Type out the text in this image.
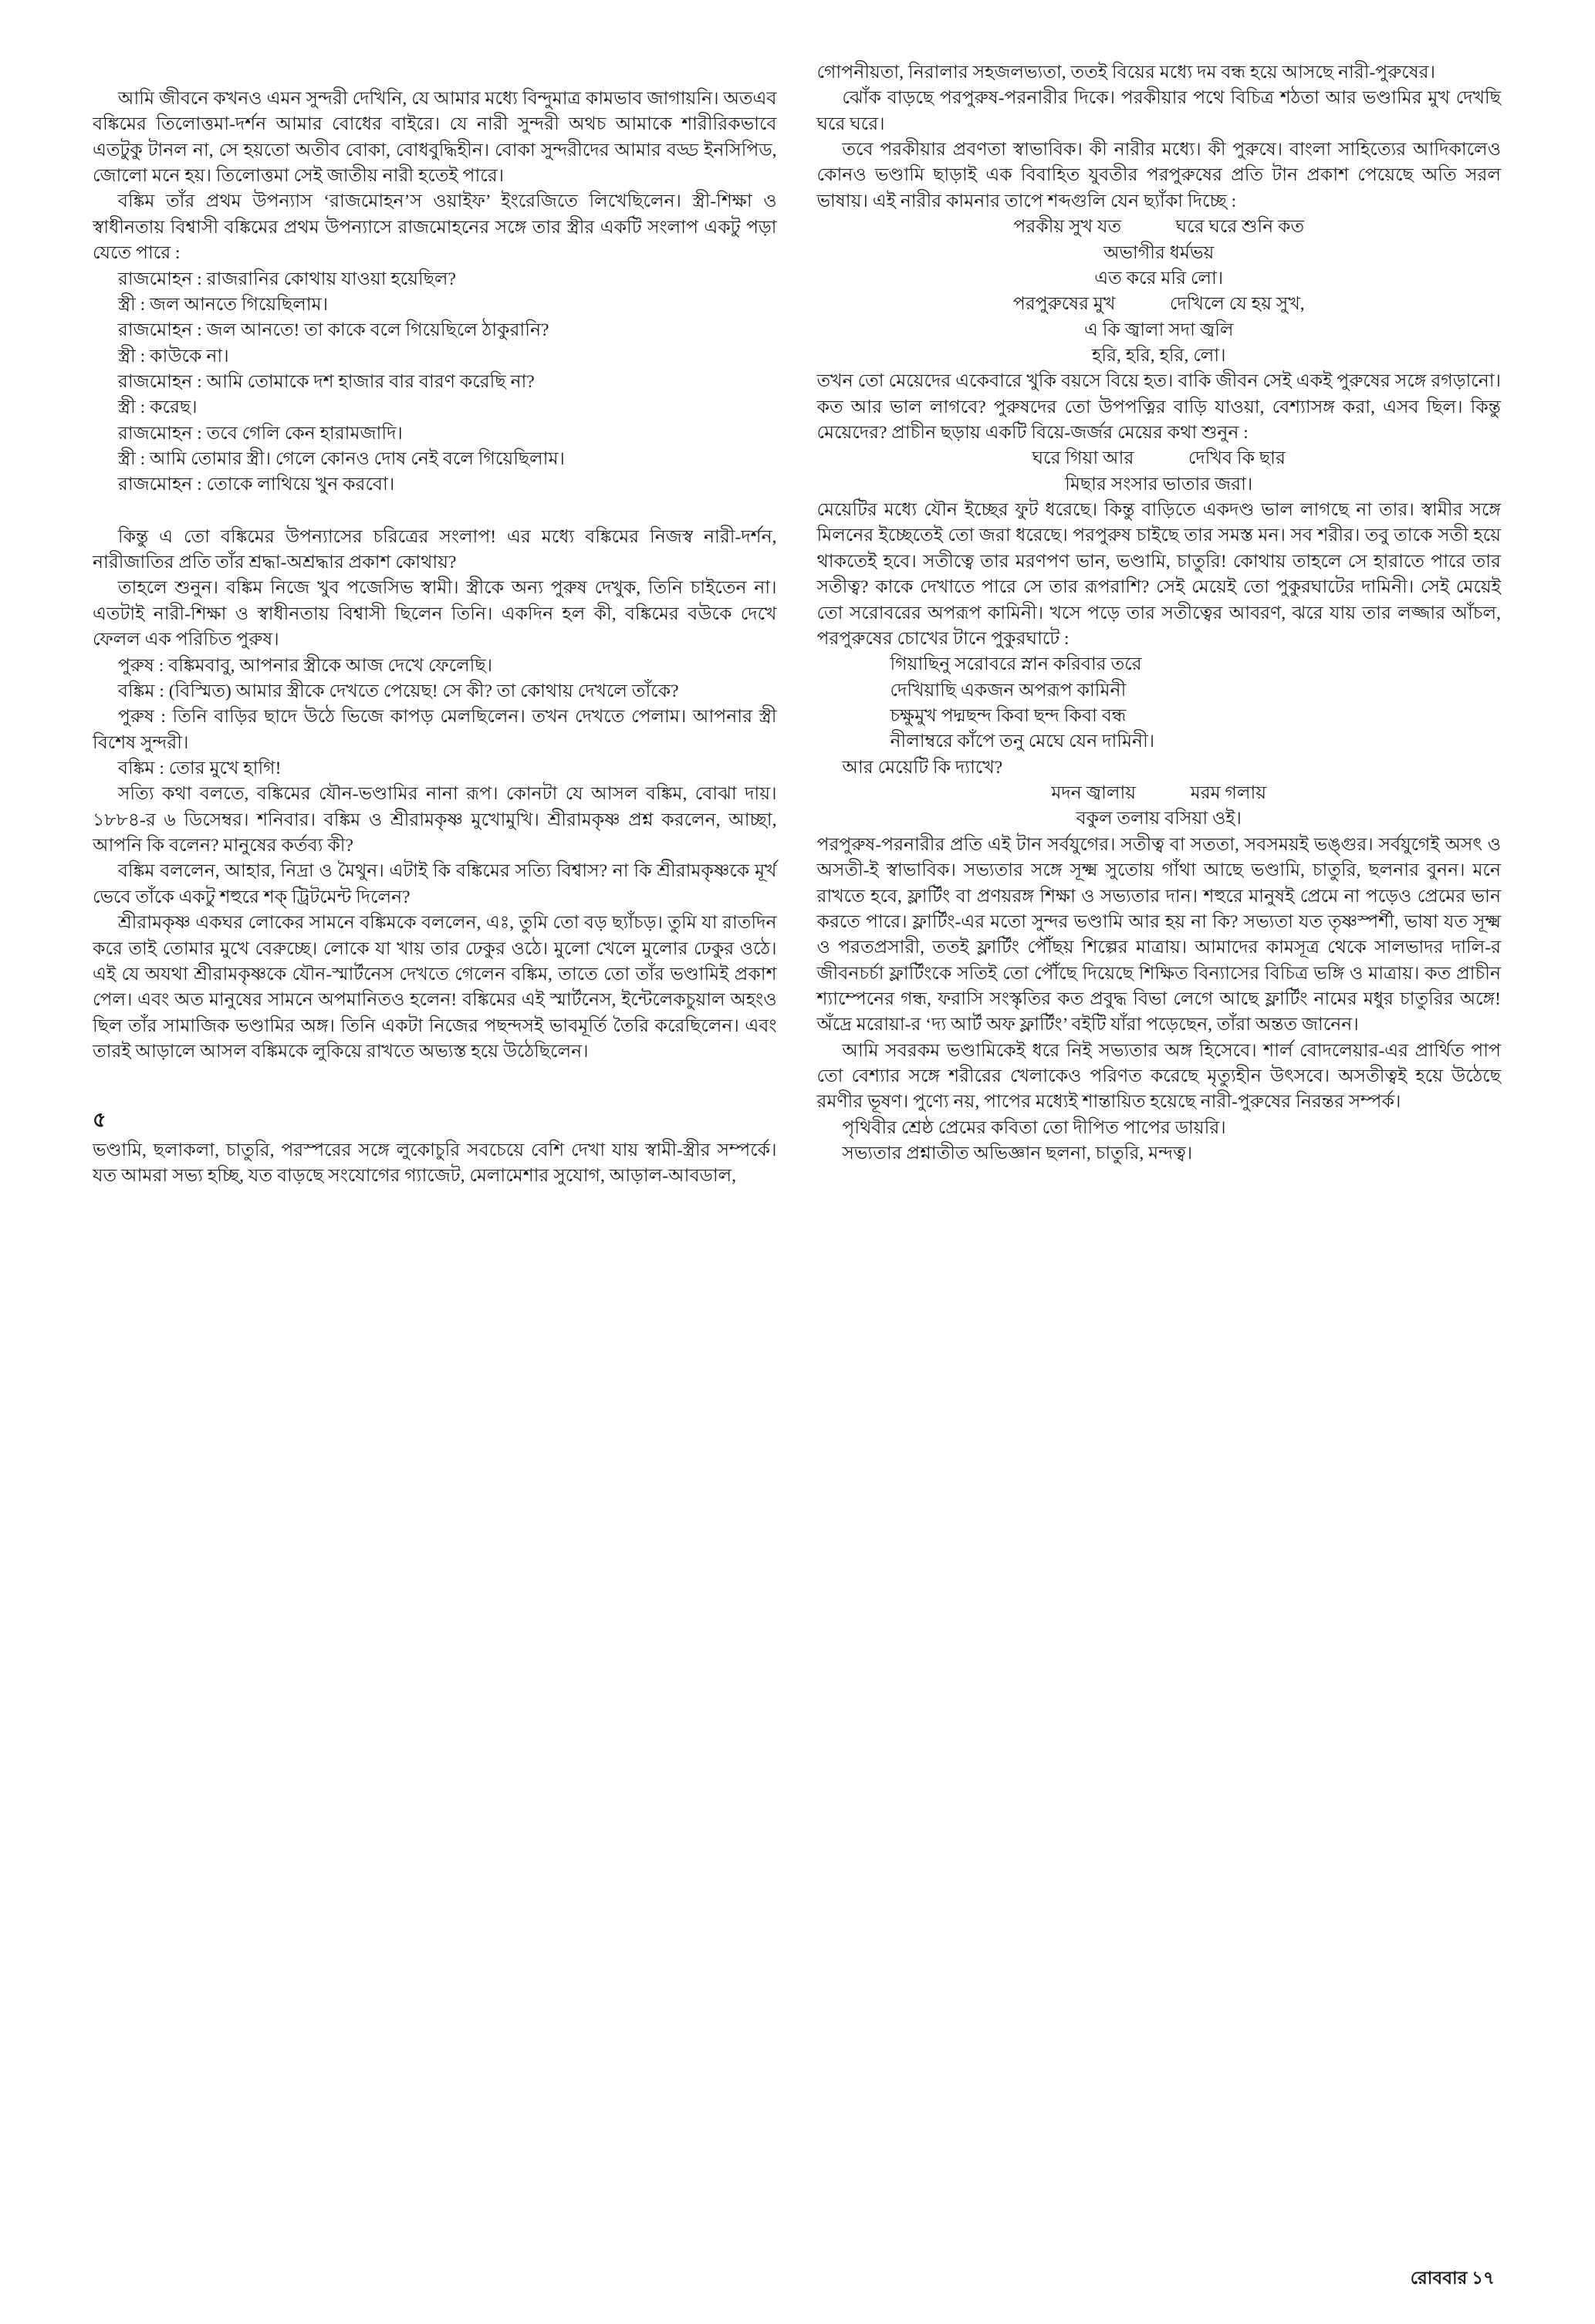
আমি জীবনে কখনও এমন সুন্দরী দেখিনি, যে আমার মধ্যে বিন্দুমাত্র কামভাব জাগায়নি। অতএব বঙ্কিমের তিলোত্তমা-দর্শন আমার বোধের বাইরে। যে নারী সুন্দরী অথচ আমাকে শারীরিকভাবে এতটুকু টানল না, সে হয়তো অতীব বোকা, বোধবুদ্ধিহীন। বোকা সুন্দরীদের আমার বড্ড ইনসিপিড, জোলো মনে হয়। তিলোত্তমা সেই জাতীয় নারী হতেই পারে।

বঙ্কিম তাঁর প্রথম উপন্যাস ‘রাজমোহন’স ওয়াইফ’ ইংরেজিতে লিখেছিলেন। স্ত্রী-শিক্ষা ও স্বাধীনতায় বিশ্বাসী বঙ্কিমের প্রথম উপন্যাসে রাজমোহনের সঙ্গে তার স্ত্রীর একটি সংলাপ একটু পড়া যেতে পারে :

রাজমোহন : রাজরানির কোথায় যাওয়া হয়েছিল?

স্ত্রী : জল আনতে গিয়েছিলাম।

রাজমোহন : জল আনতে! তা কাকে বলে গিয়েছিলে ঠাকুরানি?

স্ত্রী : কাউকে না।

রাজমোহন : আমি তোমাকে দশ হাজার বার বারণ করেছি না?

স্ত্রী : করেছ।

রাজমোহন : তবে গেলি কেন হারামজাদি।

স্ত্রী : আমি তোমার স্ত্রী। গেলে কোনও দোষ নেই বলে গিয়েছিলাম।

রাজমোহন : তোকে লাথিয়ে খুন করবো।

কিন্তু এ তো বঙ্কিমের উপন্যাসের চরিত্রের সংলাপ! এর মধ্যে বঙ্কিমের নিজস্ব নারী-দর্শন, নারীজাতির প্রতি তাঁর শ্রদ্ধা-অশ্রদ্ধার প্রকাশ কোথায়?

তাহলে শুনুন। বঙ্কিম নিজে খুব পজেসিভ স্বামী। স্ত্রীকে অন্য পুরুষ দেখুক, তিনি চাইতেন না। এতটাই নারী-শিক্ষা ও স্বাধীনতায় বিশ্বাসী ছিলেন তিনি। একদিন হল কী, বঙ্কিমের বউকে দেখে ফেলল এক পরিচিত পুরুষ।

পুরুষ : বঙ্কিমবাবু, আপনার স্ত্রীকে আজ দেখে ফেলেছি।

বঙ্কিম : (বিস্মিত) আমার স্ত্রীকে দেখতে পেয়েছ! সে কী? তা কোথায় দেখলে তাঁকে?

পুরুষ : তিনি বাড়ির ছাদে উঠে ভিজে কাপড় মেলছিলেন। তখন দেখতে পেলাম। আপনার স্ত্রী বিশেষ সুন্দরী।

বঙ্কিম : তোর মুখে হাগি!

সত্যি কথা বলতে, বঙ্কিমের যৌন-ভণ্ডামির নানা রূপ। কোনটা যে আসল বঙ্কিম, বোঝা দায়। ১৮৮৪-র ৬ ডিসেম্বর। শনিবার। বঙ্কিম ও শ্রীরামকৃষ্ণ মুখোমুখি। শ্রীরামকৃষ্ণ প্রশ্ন করলেন, আচ্ছা, আপনি কি বলেন? মানুষের কর্তব্য কী?

বঙ্কিম বললেন, আহার, নিদ্রা ও মৈথুন। এটাই কি বঙ্কিমের সত্যি বিশ্বাস? না কি শ্রীরামকৃষ্ণকে মূর্খ ভেবে তাঁকে একটু শহুরে শক্ ট্রিটমেন্ট দিলেন?

শ্রীরামকৃষ্ণ একঘর লোকের সামনে বঙ্কিমকে বললেন, এঃ, তুমি তো বড় ছ্যাঁচড়। তুমি যা রাতদিন করে তাই তোমার মুখে বেরুচ্ছে। লোকে যা খায় তার ঢেকুর ওঠে। মুলো খেলে মুলোর ঢেকুর ওঠে। এই যে অযথা শ্রীরামকৃষ্ণকে যৌন-স্মার্টনেস দেখতে গেলেন বঙ্কিম, তাতে তো তাঁর ভণ্ডামিই প্রকাশ পেল। এবং অত মানুষের সামনে অপমানিতও হলেন! বঙ্কিমের এই স্মার্টনেস, ইন্টেলেকচুয়াল অহংও ছিল তাঁর সামাজিক ভণ্ডামির অঙ্গ। তিনি একটা নিজের পছন্দসই ভাবমূর্তি তৈরি করেছিলেন। এবং তারই আড়ালে আসল বঙ্কিমকে লুকিয়ে রাখতে অভ্যস্ত হয়ে উঠেছিলেন।

৫

ভণ্ডামি, ছলাকলা, চাতুরি, পরস্পরের সঙ্গে লুকোচুরি সবচেয়ে বেশি দেখা যায় স্বামী-স্ত্রীর সম্পর্কে। যত আমরা সভ্য হচ্ছি, যত বাড়ছে সংযোগের গ্যাজেট, মেলামেশার সুযোগ, আড়াল-আবডাল,

গোপনীয়তা, নিরালার সহজলভ্যতা, ততই বিয়ের মধ্যে দম বন্ধ হয়ে আসছে নারী-পুরুষের।

ঝোঁক বাড়ছে পরপুরুষ-পরনারীর দিকে। পরকীয়ার পথে বিচিত্র শঠতা আর ভণ্ডামির মুখ দেখছি ঘরে ঘরে।

তবে পরকীয়ার প্রবণতা স্বাভাবিক। কী নারীর মধ্যে। কী পুরুষে। বাংলা সাহিত্যের আদিকালেও কোনও ভণ্ডামি ছাড়াই এক বিবাহিত যুবতীর পরপুরুষের প্রতি টান প্রকাশ পেয়েছে অতি সরল ভাষায়। এই নারীর কামনার তাপে শব্দগুলি যেন ছ্যাঁকা দিচ্ছে :

পরকীয় সুখ যত   ঘরে ঘরে শুনি কত
অভাগীর ধর্মভয়
এত করে মরি লো।
পরপুরুষের মুখ   দেখিলে যে হয় সুখ,
এ কি জ্বালা সদা জ্বলি
হরি, হরি, হরি, লো।

তখন তো মেয়েদের একেবারে খুকি বয়সে বিয়ে হত। বাকি জীবন সেই একই পুরুষের সঙ্গে রগড়ানো। কত আর ভাল লাগবে? পুরুষদের তো উপপত্নির বাড়ি যাওয়া, বেশ্যাসঙ্গ করা, এসব ছিল। কিন্তু মেয়েদের? প্রাচীন ছড়ায় একটি বিয়ে-জর্জর মেয়ের কথা শুনুন :

ঘরে গিয়া আর   দেখিব কি ছার
মিছার সংসার ভাতার জরা।

মেয়েটির মধ্যে যৌন ইচ্ছের ফুট ধরেছে। কিন্তু বাড়িতে একদণ্ড ভাল লাগছে না তার। স্বামীর সঙ্গে মিলনের ইচ্ছেতেই তো জরা ধরেছে। পরপুরুষ চাইছে তার সমস্ত মন। সব শরীর। তবু তাকে সতী হয়ে থাকতেই হবে। সতীত্বে তার মরণপণ ভান, ভণ্ডামি, চাতুরি! কোথায় তাহলে সে হারাতে পারে তার সতীত্ব? কাকে দেখাতে পারে সে তার রূপরাশি? সেই মেয়েই তো পুকুরঘাটের দামিনী। সেই মেয়েই তো সরোবরের অপরূপ কামিনী। খসে পড়ে তার সতীত্বের আবরণ, ঝরে যায় তার লজ্জার আঁচল, পরপুরুষের চোখের টানে পুকুরঘাটে :

গিয়াছিনু সরোবরে স্নান করিবার তরে
দেখিয়াছি একজন অপরূপ কামিনী
চক্ষুমুখ পদ্মছন্দ কিবা ছন্দ কিবা বন্ধ
নীলাম্বরে কাঁপে তনু মেঘে যেন দামিনী।

আর মেয়েটি কি দ্যাখে?

মদন জ্বালায়   মরম গলায়
বকুল তলায় বসিয়া ওই।

পরপুরুষ-পরনারীর প্রতি এই টান সর্বযুগের। সতীত্ব বা সততা, সবসময়ই ভঙ্গুর। সর্বযুগেই অসৎ ও অসতী-ই স্বাভাবিক। সভ্যতার সঙ্গে সূক্ষ্ম সুতোয় গাঁথা আছে ভণ্ডামি, চাতুরি, ছলনার বুনন। মনে রাখতে হবে, ফ্লার্টিং বা প্রণয়রঙ্গ শিক্ষা ও সভ্যতার দান। শহুরে মানুষই প্রেমে না পড়েও প্রেমের ভান করতে পারে। ফ্লার্টিং-এর মতো সুন্দর ভণ্ডামি আর হয় না কি? সভ্যতা যত তৃষ্ণস্পর্শী, ভাষা যত সূক্ষ্ম ও পরতপ্রসারী, ততই ফ্লার্টিং পৌঁছয় শিল্পের মাত্রায়। আমাদের কামসূত্র থেকে সালভাদর দালি-র জীবনচর্চা ফ্লার্টিংকে সতিই তো পৌঁছে দিয়েছে শিক্ষিত বিন্যাসের বিচিত্র ভঙ্গি ও মাত্রায়। কত প্রাচীন শ্যাম্পেনের গন্ধ, ফরাসি সংস্কৃতির কত প্রবুদ্ধ বিভা লেগে আছে ফ্লার্টিং নামের মধুর চাতুরির অঙ্গে! অঁদ্রে মরোয়া-র ‘দ্য আর্ট অফ ফ্লার্টিং’ বইটি যাঁরা পড়েছেন, তাঁরা অন্তত জানেন।

আমি সবরকম ভণ্ডামিকেই ধরে নিই সভ্যতার অঙ্গ হিসেবে। শার্ল বোদলেয়ার-এর প্রার্থিত পাপ তো বেশ্যার সঙ্গে শরীরের খেলাকেও পরিণত করেছে মৃত্যুহীন উৎসবে। অসতীত্বই হয়ে উঠেছে রমণীর ভূষণ। পুণ্যে নয়, পাপের মধ্যেই শান্তায়িত হয়েছে নারী-পুরুষের নিরন্তর সম্পর্ক।

পৃথিবীর শ্রেষ্ঠ প্রেমের কবিতা তো দীপিত পাপের ডায়রি।

সভ্যতার প্রশ্নাতীত অভিজ্ঞান ছলনা, চাতুরি, মন্দত্ব।

রোববার ১৭
